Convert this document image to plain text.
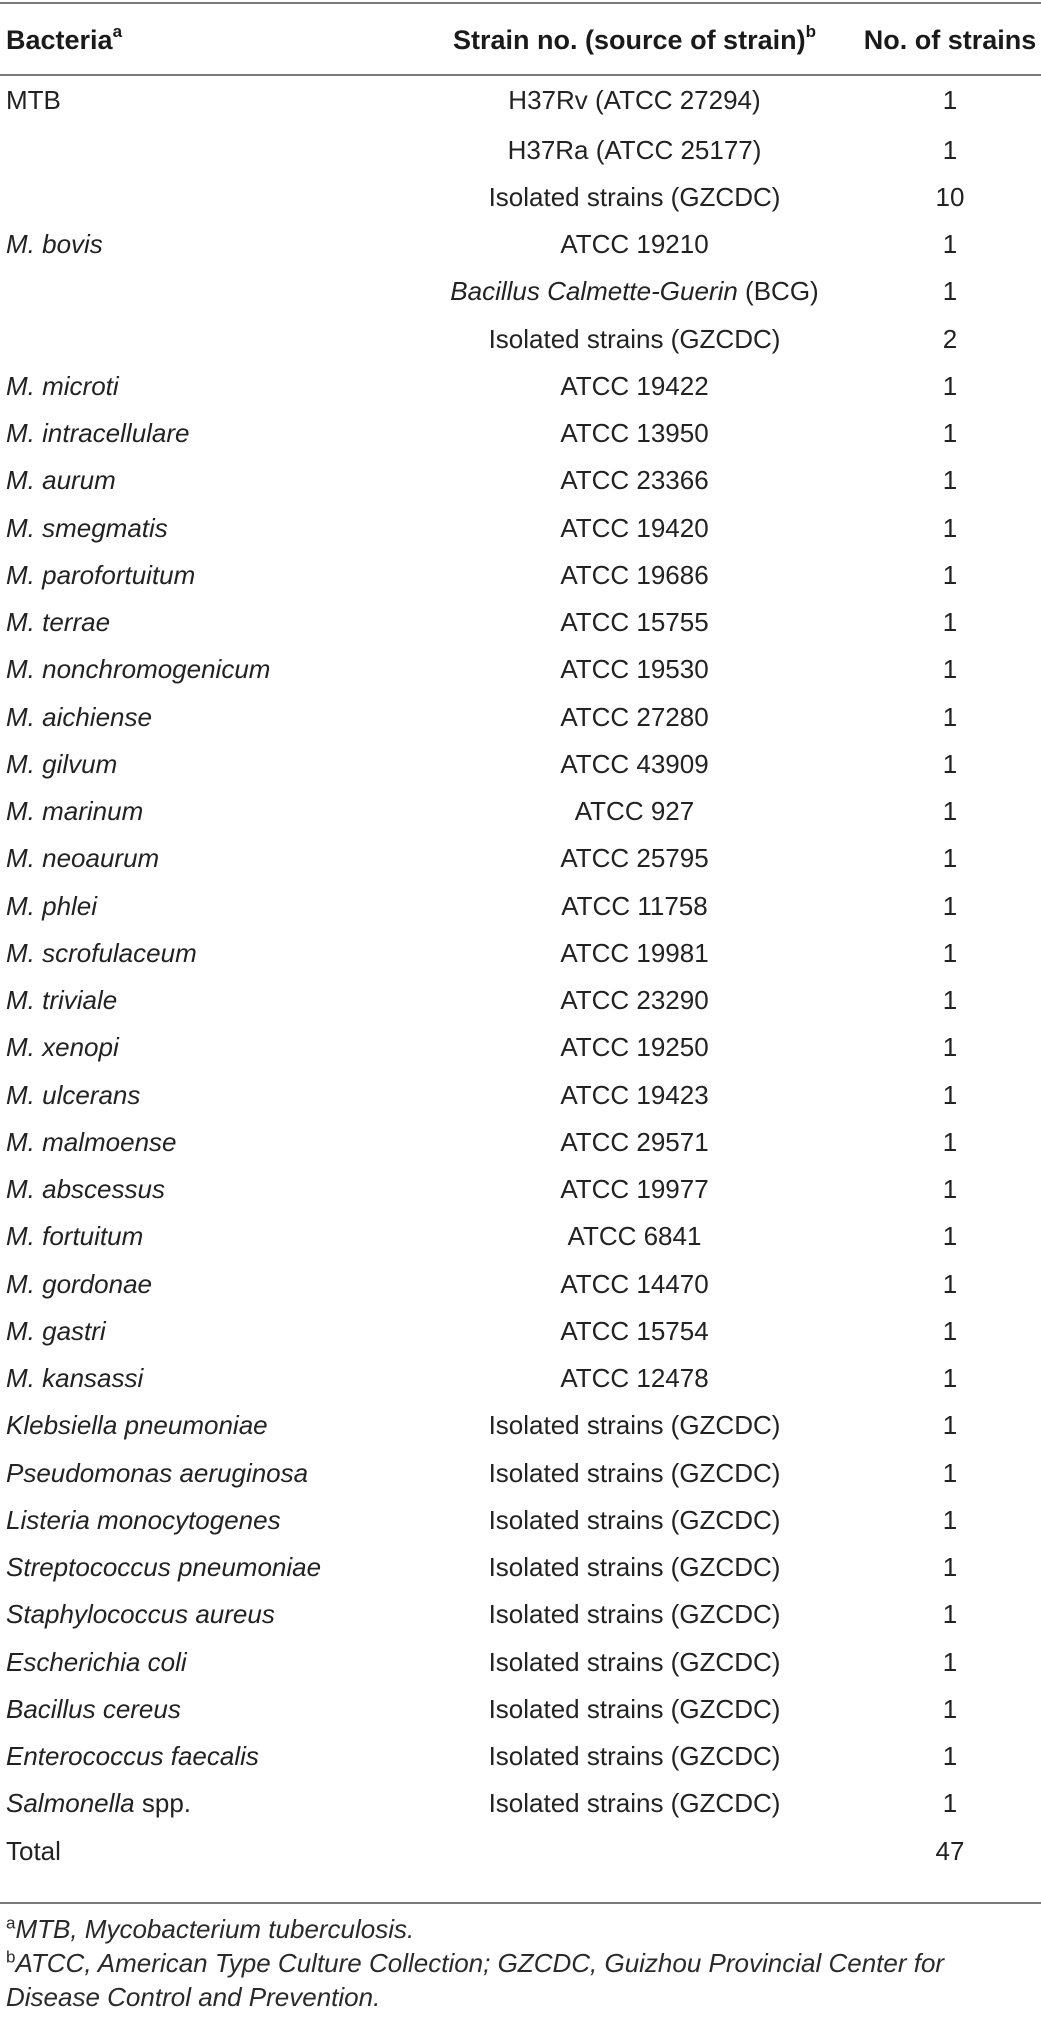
Bacteria$^a$	Strain no. (source of strain)$^b$	No. of strains
MTB	H37Rv (ATCC 27294)	1
	H37Ra (ATCC 25177)	1
	Isolated strains (GZCDC)	10
M. bovis	ATCC 19210	1
	Bacillus Calmette-Guerin (BCG)	1
	Isolated strains (GZCDC)	2
M. microti	ATCC 19422	1
M. intracellulare	ATCC 13950	1
M. aurum	ATCC 23366	1
M. smegmatis	ATCC 19420	1
M. parofortuitum	ATCC 19686	1
M. terrae	ATCC 15755	1
M. nonchromogenicum	ATCC 19530	1
M. aichiense	ATCC 27280	1
M. gilvum	ATCC 43909	1
M. marinum	ATCC 927	1
M. neoaurum	ATCC 25795	1
M. phlei	ATCC 11758	1
M. scrofulaceum	ATCC 19981	1
M. triviale	ATCC 23290	1
M. xenopi	ATCC 19250	1
M. ulcerans	ATCC 19423	1
M. malmoense	ATCC 29571	1
M. abscessus	ATCC 19977	1
M. fortuitum	ATCC 6841	1
M. gordonae	ATCC 14470	1
M. gastri	ATCC 15754	1
M. kansassi	ATCC 12478	1
Klebsiella pneumoniae	Isolated strains (GZCDC)	1
Pseudomonas aeruginosa	Isolated strains (GZCDC)	1
Listeria monocytogenes	Isolated strains (GZCDC)	1
Streptococcus pneumoniae	Isolated strains (GZCDC)	1
Staphylococcus aureus	Isolated strains (GZCDC)	1
Escherichia coli	Isolated strains (GZCDC)	1
Bacillus cereus	Isolated strains (GZCDC)	1
Enterococcus faecalis	Isolated strains (GZCDC)	1
Salmonella spp.	Isolated strains (GZCDC)	1
Total		47

$^a$MTB, Mycobacterium tuberculosis.

$^b$ATCC, American Type Culture Collection; GZCDC, Guizhou Provincial Center for Disease Control and Prevention.
